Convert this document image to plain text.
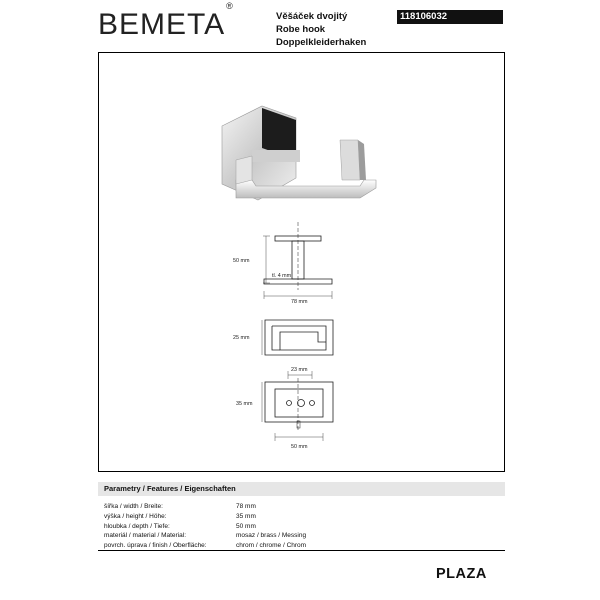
BEMETA®
Věšáček dvojitý
Robe hook
Doppelkleiderhaken
118106032
50 mm
tl. 4 mm
78 mm
25 mm
23 mm
35 mm
50 mm
Parametry / Features / Eigenschaften
šířka / width / Breite:	78 mm
výška / height / Höhe:	35 mm
hloubka / depth / Tiefe:	50 mm
materiál / material / Material:	mosaz / brass / Messing
povrch. úprava / finish / Oberfläche:	chrom / chrome / Chrom
PLAZA
